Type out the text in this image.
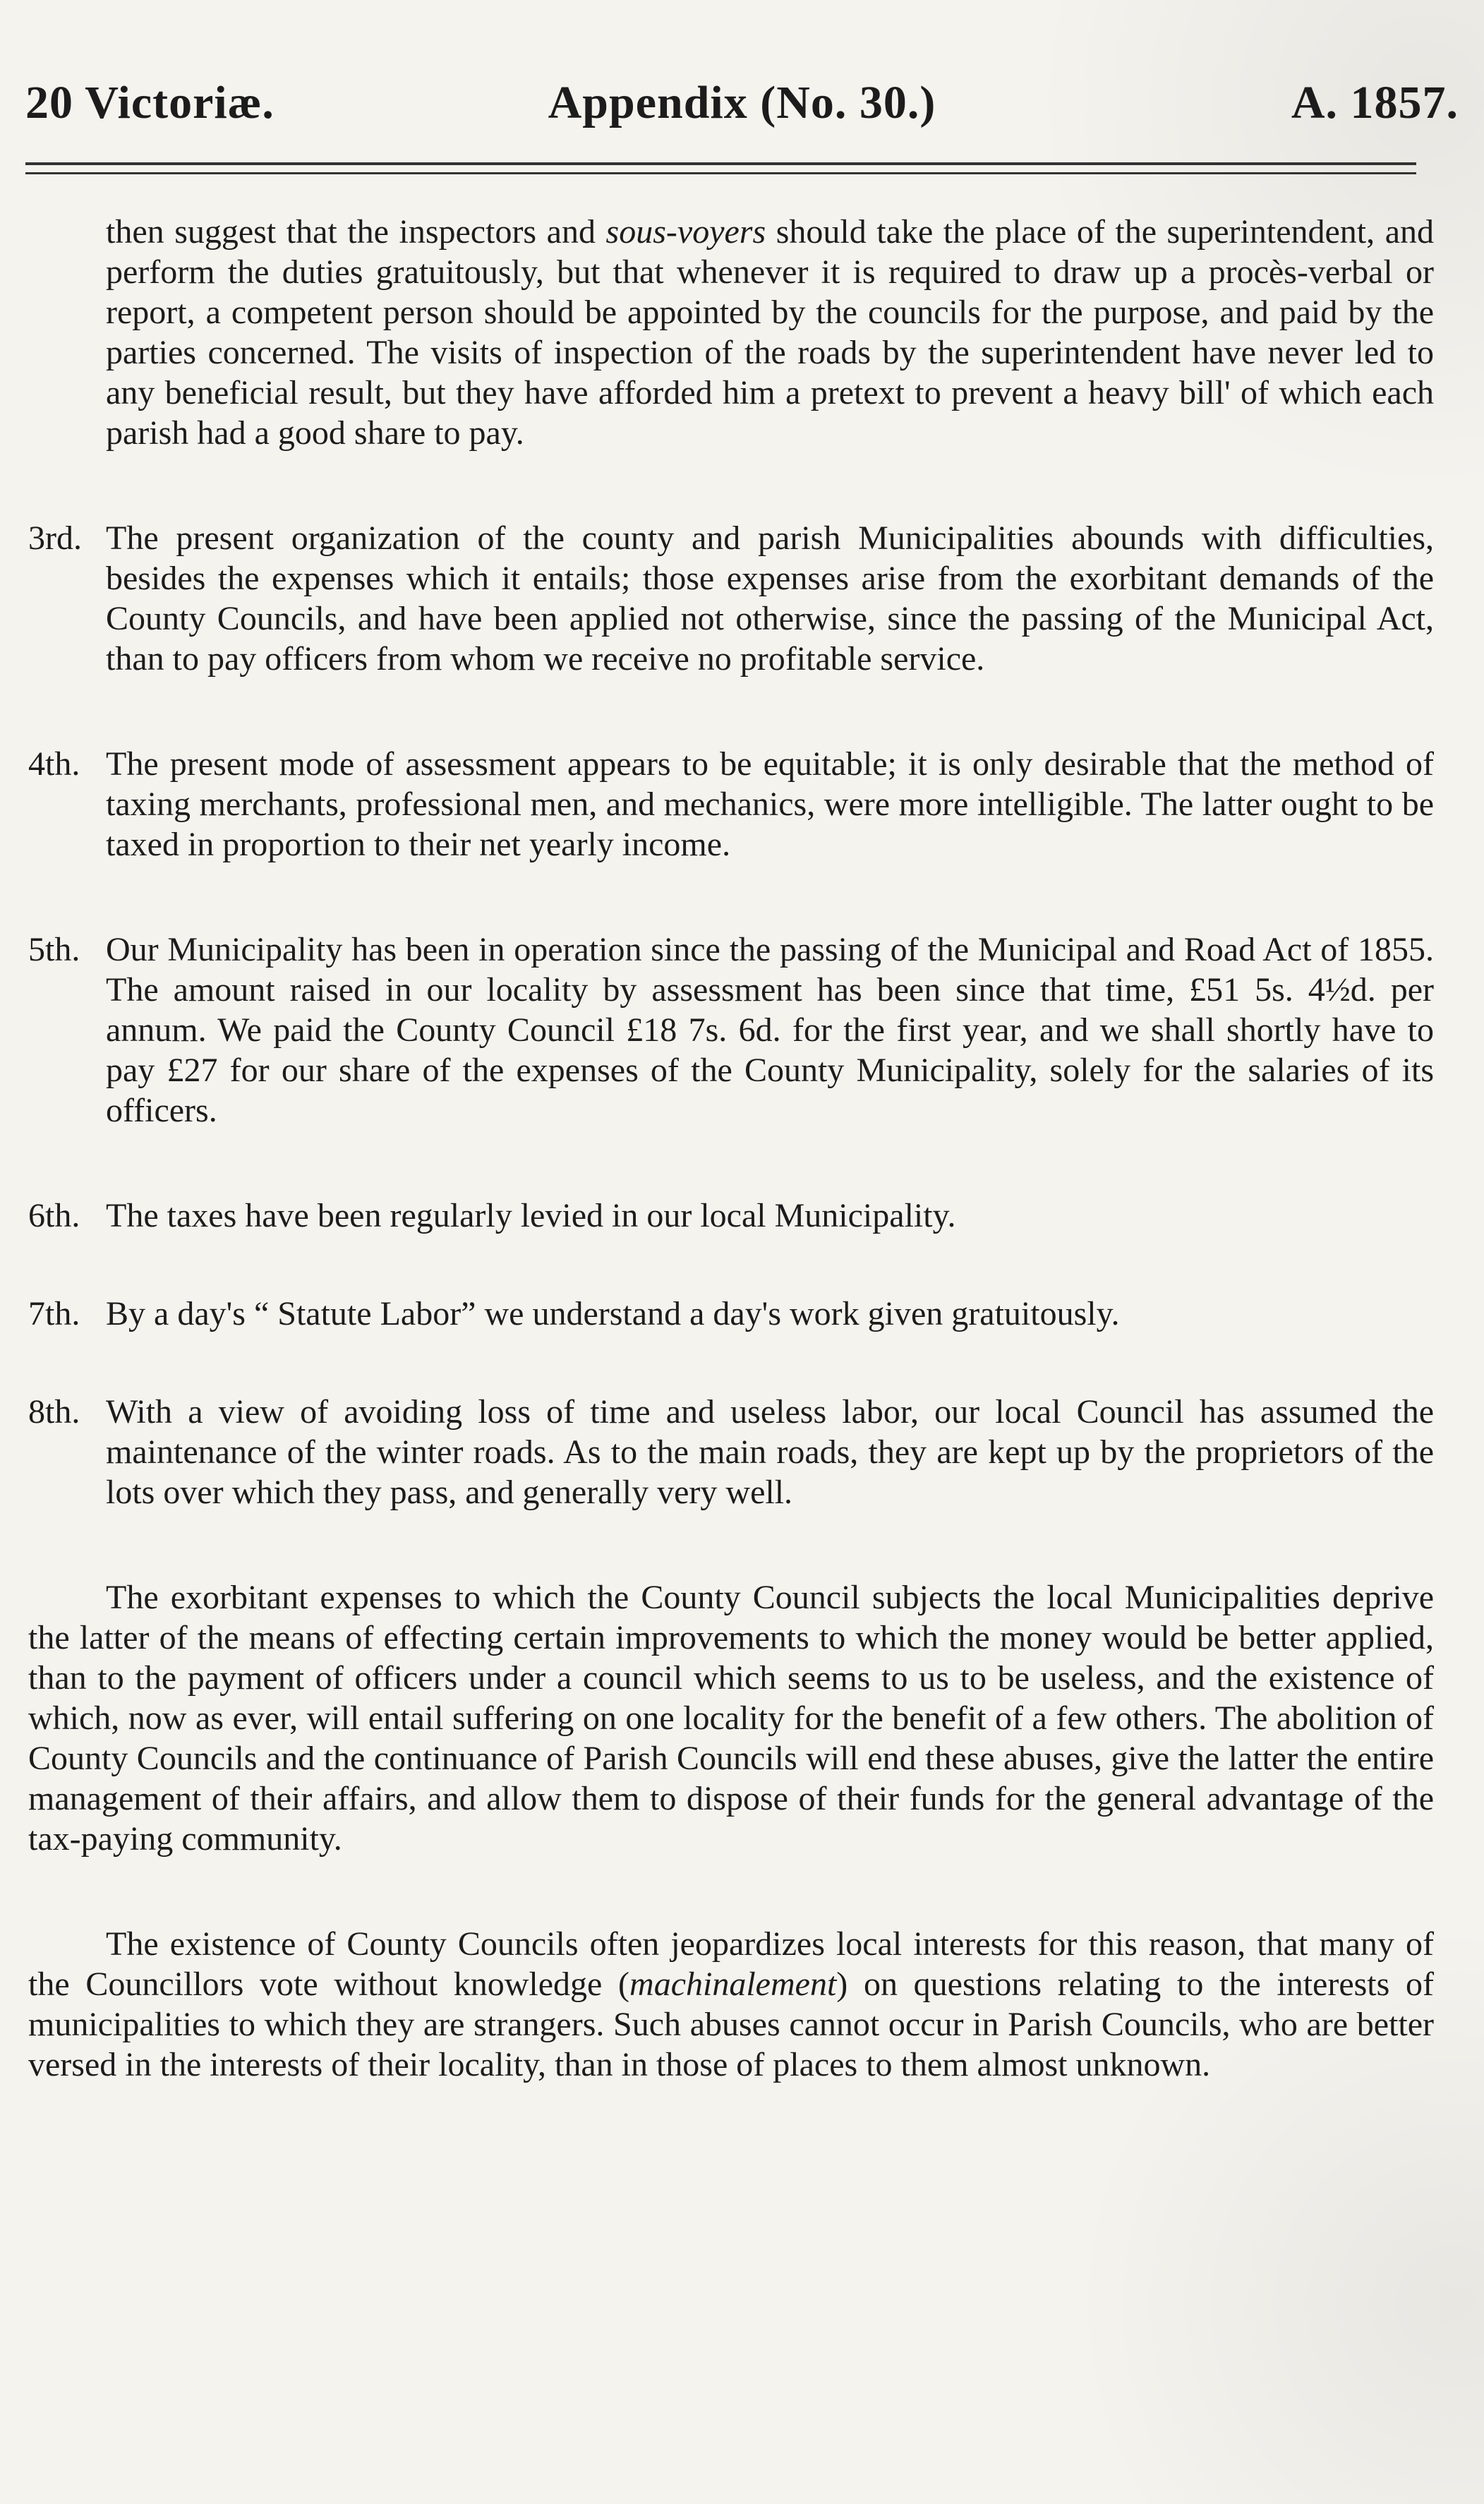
20 Victoriæ.	Appendix (No. 30.)	A. 1857.

then suggest that the inspectors and sous-voyers should take the place of the superintendent, and perform the duties gratuitously, but that whenever it is required to draw up a procès-verbal or report, a competent person should be appointed by the councils for the purpose, and paid by the parties concerned. The visits of inspection of the roads by the superintendent have never led to any beneficial result, but they have afforded him a pretext to prevent a heavy bill' of which each parish had a good share to pay.

3rd. The present organization of the county and parish Municipalities abounds with difficulties, besides the expenses which it entails; those expenses arise from the exorbitant demands of the County Councils, and have been applied not otherwise, since the passing of the Municipal Act, than to pay officers from whom we receive no profitable service.
4th. The present mode of assessment appears to be equitable; it is only desirable that the method of taxing merchants, professional men, and mechanics, were more intelligible. The latter ought to be taxed in proportion to their net yearly income.
5th. Our Municipality has been in operation since the passing of the Municipal and Road Act of 1855. The amount raised in our locality by assessment has been since that time, £51 5s. 4½d. per annum. We paid the County Council £18 7s. 6d. for the first year, and we shall shortly have to pay £27 for our share of the expenses of the County Municipality, solely for the salaries of its officers.
6th. The taxes have been regularly levied in our local Municipality.
7th. By a day's “ Statute Labor” we understand a day's work given gratuitously.
8th. With a view of avoiding loss of time and useless labor, our local Council has assumed the maintenance of the winter roads. As to the main roads, they are kept up by the proprietors of the lots over which they pass, and generally very well.

The exorbitant expenses to which the County Council subjects the local Municipalities deprive the latter of the means of effecting certain improvements to which the money would be better applied, than to the payment of officers under a council which seems to us to be useless, and the existence of which, now as ever, will entail suffering on one locality for the benefit of a few others. The abolition of County Councils and the continuance of Parish Councils will end these abuses, give the latter the entire management of their affairs, and allow them to dispose of their funds for the general advantage of the tax-paying community.

The existence of County Councils often jeopardizes local interests for this reason, that many of the Councillors vote without knowledge (machinalement) on questions relating to the interests of municipalities to which they are strangers. Such abuses cannot occur in Parish Councils, who are better versed in the interests of their locality, than in those of places to them almost unknown.
